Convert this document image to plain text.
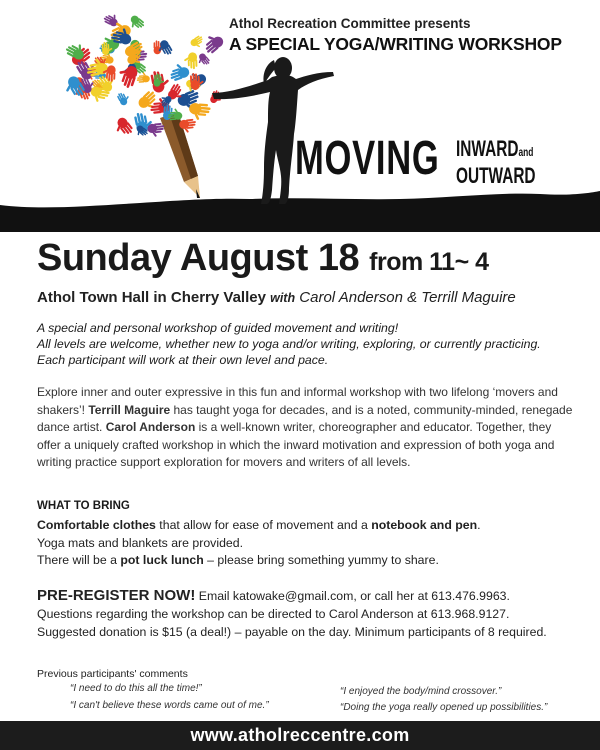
Athol Recreation Committee presents
A SPECIAL YOGA/WRITING WORKSHOP
MOVING INWARDand
OUTWARD
Sunday August 18 from 11~ 4
Athol Town Hall in Cherry Valley with Carol Anderson & Terrill Maguire
A special and personal workshop of guided movement and writing!
All levels are welcome, whether new to yoga and/or writing, exploring, or currently practicing.
Each participant will work at their own level and pace.
Explore inner and outer expressive in this fun and informal workshop with two lifelong ‘movers and shakers’! Terrill Maguire has taught yoga for decades, and is a noted, community-minded, renegade dance artist. Carol Anderson is a well-known writer, choreographer and educator. Together, they offer a uniquely crafted workshop in which the inward motivation and expression of both yoga and writing practice support exploration for movers and writers of all levels.
WHAT TO BRING
Comfortable clothes that allow for ease of movement and a notebook and pen.
Yoga mats and blankets are provided.
There will be a pot luck lunch – please bring something yummy to share.
PRE-REGISTER NOW! Email katowake@gmail.com, or call her at 613.476.9963.
Questions regarding the workshop can be directed to Carol Anderson at 613.968.9127.
Suggested donation is $15 (a deal!) – payable on the day. Minimum participants of 8 required.
Previous participants' comments
“I need to do this all the time!”
“I can't believe these words came out of me.”
“I enjoyed the body/mind crossover.”
“Doing the yoga really opened up possibilities.”
www.atholreccentre.com
